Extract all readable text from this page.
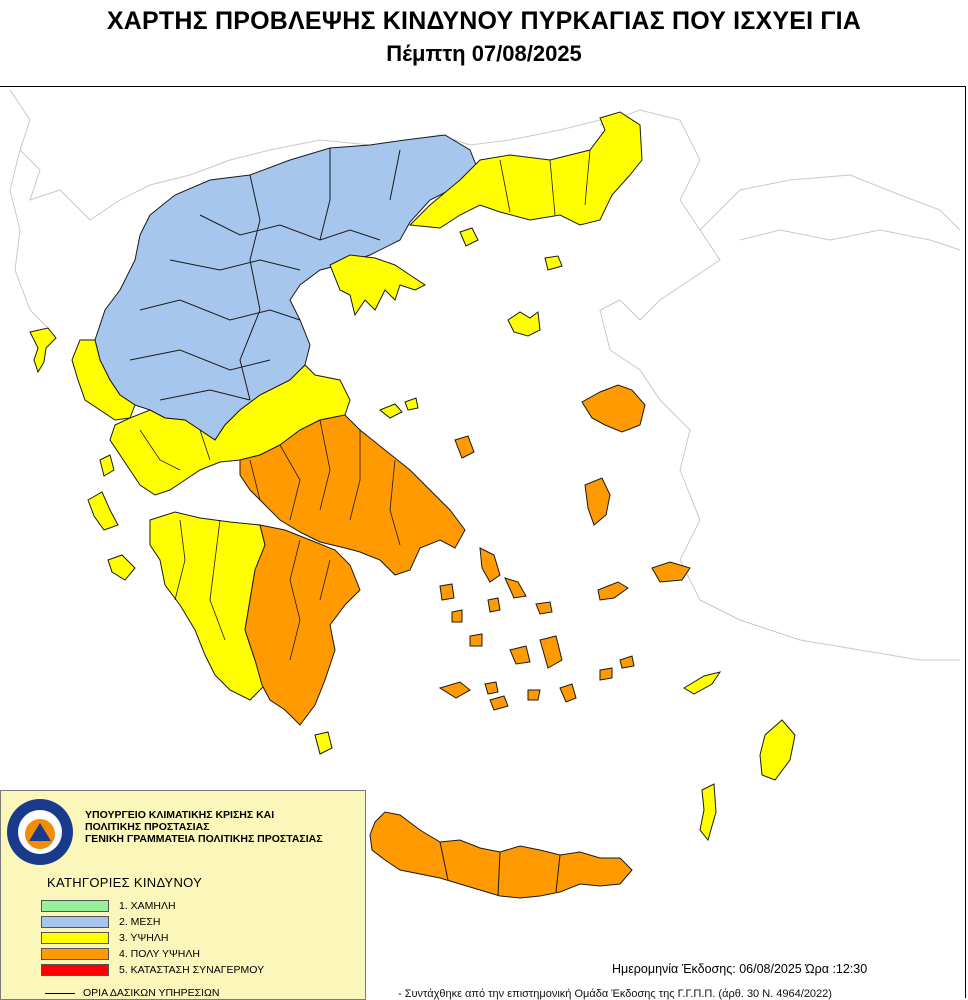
ΧΑΡΤΗΣ ΠΡΟΒΛΕΨΗΣ ΚΙΝΔΥΝΟΥ ΠΥΡΚΑΓΙΑΣ ΠΟΥ ΙΣΧΥΕΙ ΓΙΑ
Πέμπτη 07/08/2025
ΥΠΟΥΡΓΕΙΟ ΚΛΙΜΑΤΙΚΗΣ ΚΡΙΣΗΣ ΚΑΙ
ΠΟΛΙΤΙΚΗΣ ΠΡΟΣΤΑΣΙΑΣ
ΓΕΝΙΚΗ ΓΡΑΜΜΑΤΕΙΑ ΠΟΛΙΤΙΚΗΣ ΠΡΟΣΤΑΣΙΑΣ
ΚΑΤΗΓΟΡΙΕΣ ΚΙΝΔΥΝΟΥ
1. ΧΑΜΗΛΗ
2. ΜΕΣΗ
3. ΥΨΗΛΗ
4. ΠΟΛΥ ΥΨΗΛΗ
5. ΚΑΤΑΣΤΑΣΗ ΣΥΝΑΓΕΡΜΟΥ
ΟΡΙΑ ΔΑΣΙΚΩΝ ΥΠΗΡΕΣΙΩΝ
Ημερομηνία Έκδοσης: 06/08/2025 Ώρα :12:30
- Συντάχθηκε από την επιστημονική Ομάδα Έκδοσης της Γ.Γ.Π.Π. (άρθ. 30 Ν. 4964/2022)
